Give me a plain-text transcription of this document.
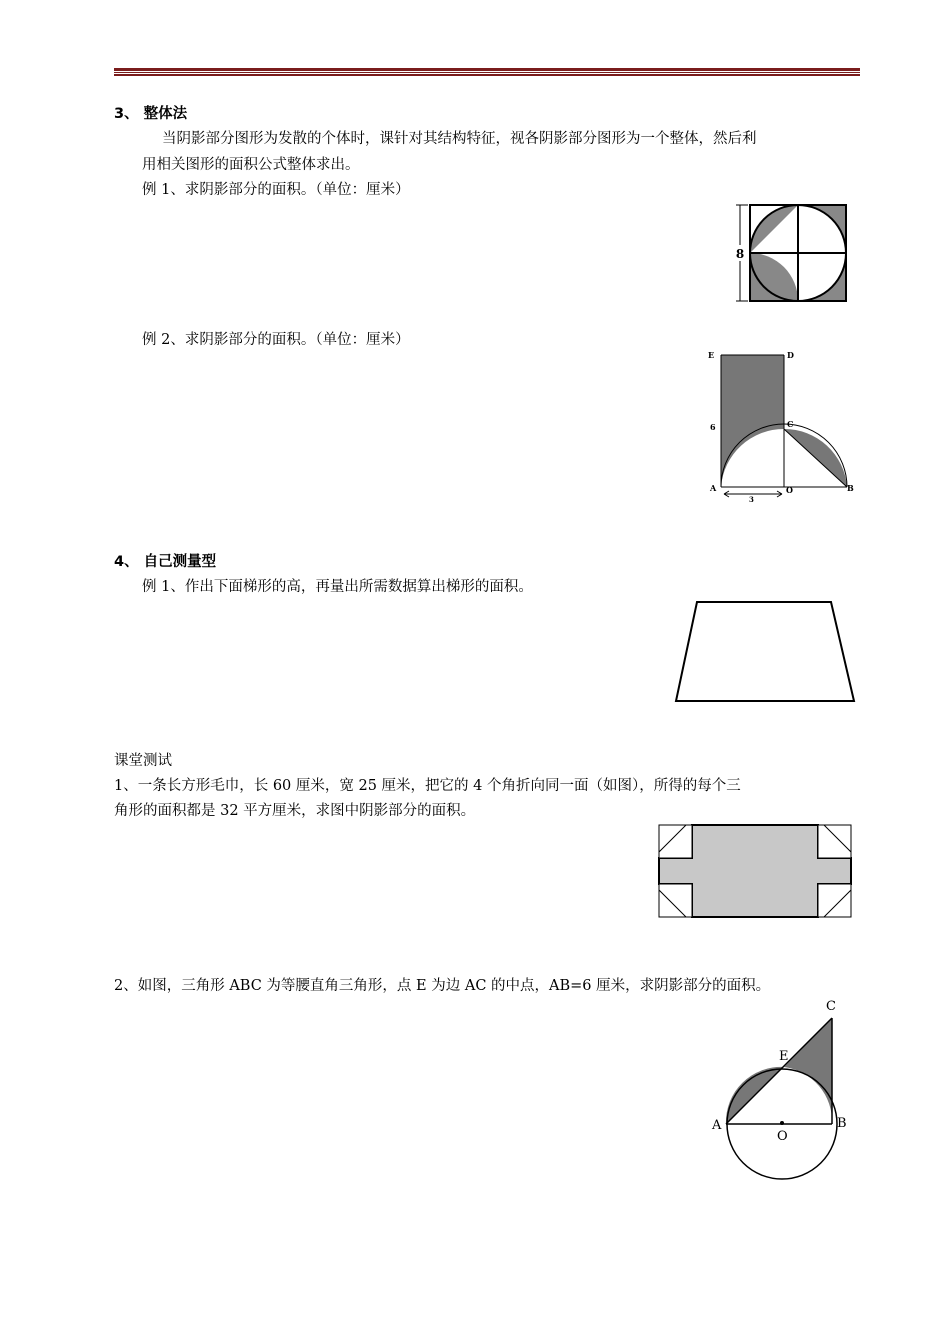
3、 整体法
当阴影部分图形为发散的个体时，课针对其结构特征，视各阴影部分图形为一个整体，然后利
用相关图形的面积公式整体求出。
例 1、求阴影部分的面积。（单位：厘米）
8
例 2、求阴影部分的面积。（单位：厘米）
E	D
C
6
A	O	B
3
4、 自己测量型
例 1、作出下面梯形的高，再量出所需数据算出梯形的面积。
课堂测试
1、一条长方形毛巾，长 60 厘米，宽 25 厘米，把它的 4 个角折向同一面（如图），所得的每个三
角形的面积都是 32 平方厘米，求图中阴影部分的面积。
2、如图，三角形 ABC 为等腰直角三角形，点 E 为边 AC 的中点，AB=6 厘米，求阴影部分的面积。
C
E
A
O
B
